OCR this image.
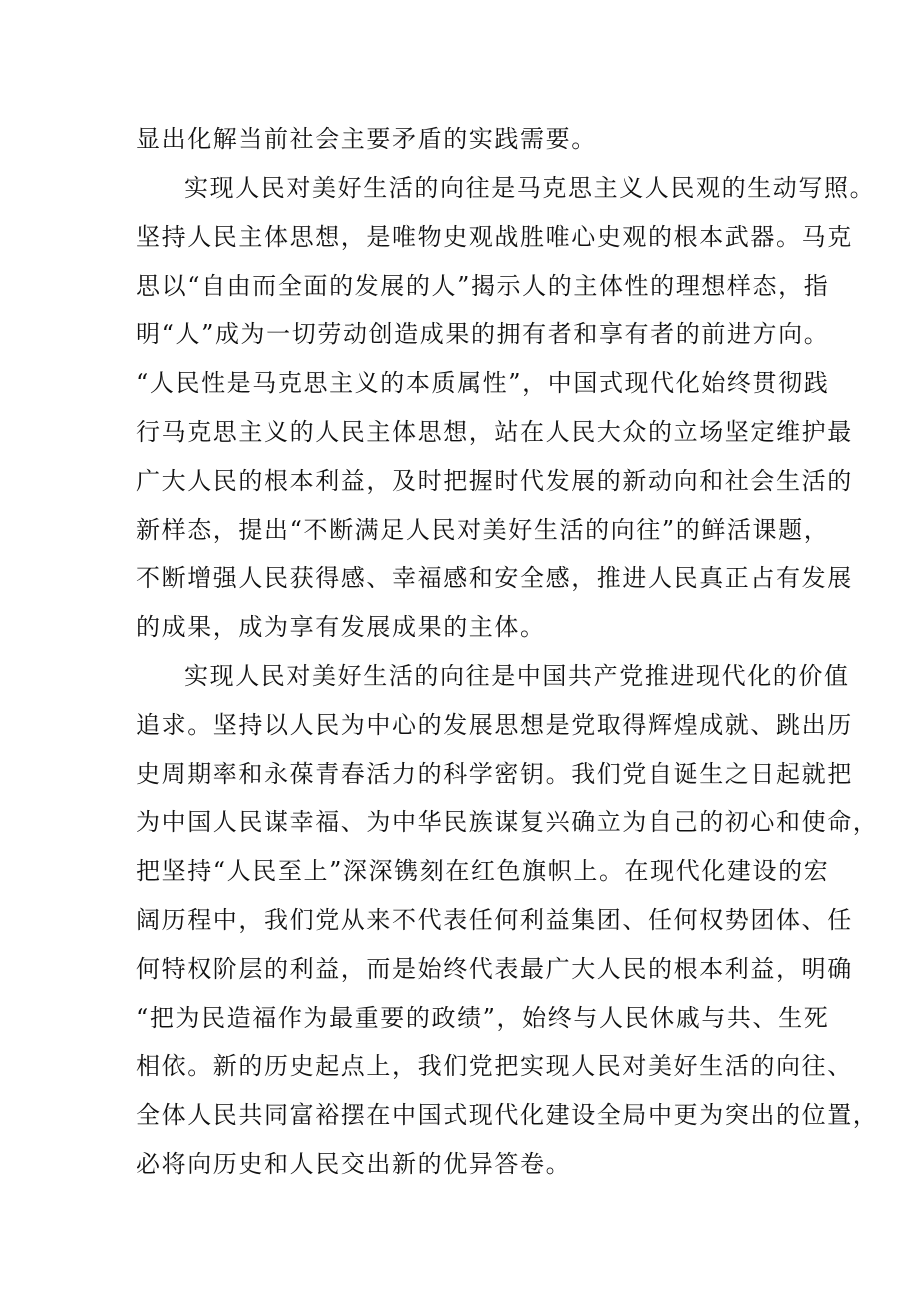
显出化解当前社会主要矛盾的实践需要。
实现人民对美好生活的向往是马克思主义人民观的生动写照。
坚持人民主体思想，是唯物史观战胜唯心史观的根本武器。马克
思以“自由而全面的发展的人”揭示人的主体性的理想样态，指
明“人”成为一切劳动创造成果的拥有者和享有者的前进方向。
“人民性是马克思主义的本质属性”，中国式现代化始终贯彻践
行马克思主义的人民主体思想，站在人民大众的立场坚定维护最
广大人民的根本利益，及时把握时代发展的新动向和社会生活的
新样态，提出“不断满足人民对美好生活的向往”的鲜活课题，
不断增强人民获得感、幸福感和安全感，推进人民真正占有发展
的成果，成为享有发展成果的主体。
实现人民对美好生活的向往是中国共产党推进现代化的价值
追求。坚持以人民为中心的发展思想是党取得辉煌成就、跳出历
史周期率和永葆青春活力的科学密钥。我们党自诞生之日起就把
为中国人民谋幸福、为中华民族谋复兴确立为自己的初心和使命，
把坚持“人民至上”深深镌刻在红色旗帜上。在现代化建设的宏
阔历程中，我们党从来不代表任何利益集团、任何权势团体、任
何特权阶层的利益，而是始终代表最广大人民的根本利益，明确
“把为民造福作为最重要的政绩”，始终与人民休戚与共、生死
相依。新的历史起点上，我们党把实现人民对美好生活的向往、
全体人民共同富裕摆在中国式现代化建设全局中更为突出的位置，
必将向历史和人民交出新的优异答卷。
